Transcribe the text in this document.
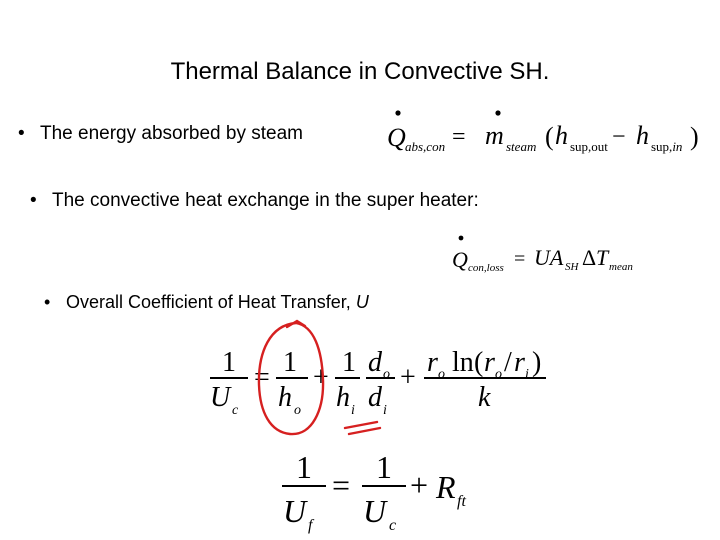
Thermal Balance in Convective SH.
• The energy absorbed by steam
• The convective heat exchange in the super heater:
• Overall Coefficient of Heat Transfer, U
Q abs,con = m steam ( h sup,out − h sup,in )
Q con,loss = UA SH Δ T mean
1
U c
= 1
h o
+ 1
h i
d o
d i
+ r o ln ( r o / r i )
k
1
U f
= 1
U c
+ R ft
